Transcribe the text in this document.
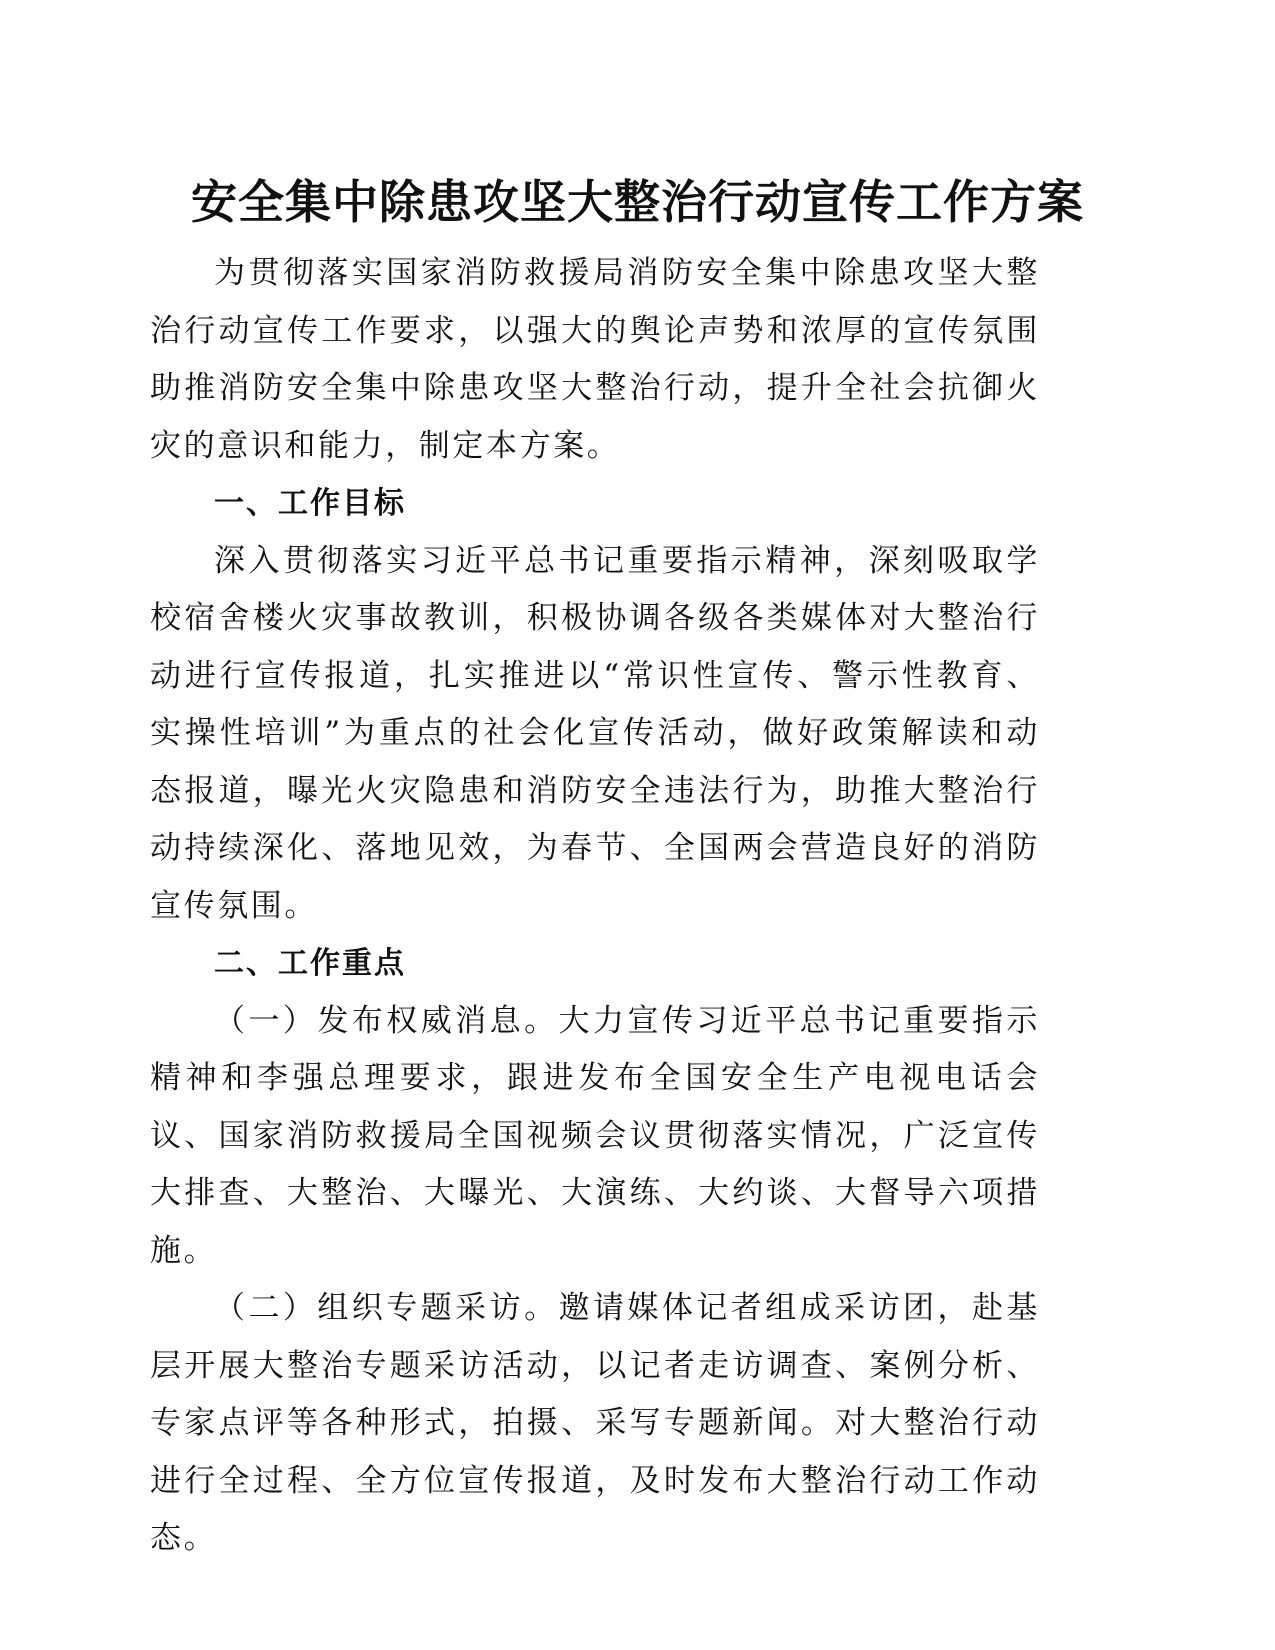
安全集中除患攻坚大整治行动宣传工作方案

为贯彻落实国家消防救援局消防安全集中除患攻坚大整治行动宣传工作要求，以强大的舆论声势和浓厚的宣传氛围助推消防安全集中除患攻坚大整治行动，提升全社会抗御火灾的意识和能力，制定本方案。

一、工作目标

深入贯彻落实习近平总书记重要指示精神，深刻吸取学校宿舍楼火灾事故教训，积极协调各级各类媒体对大整治行动进行宣传报道，扎实推进以“常识性宣传、警示性教育、实操性培训”为重点的社会化宣传活动，做好政策解读和动态报道，曝光火灾隐患和消防安全违法行为，助推大整治行动持续深化、落地见效，为春节、全国两会营造良好的消防宣传氛围。

二、工作重点

（一）发布权威消息。大力宣传习近平总书记重要指示精神和李强总理要求，跟进发布全国安全生产电视电话会议、国家消防救援局全国视频会议贯彻落实情况，广泛宣传大排查、大整治、大曝光、大演练、大约谈、大督导六项措施。

（二）组织专题采访。邀请媒体记者组成采访团，赴基层开展大整治专题采访活动，以记者走访调查、案例分析、专家点评等各种形式，拍摄、采写专题新闻。对大整治行动进行全过程、全方位宣传报道，及时发布大整治行动工作动态。
